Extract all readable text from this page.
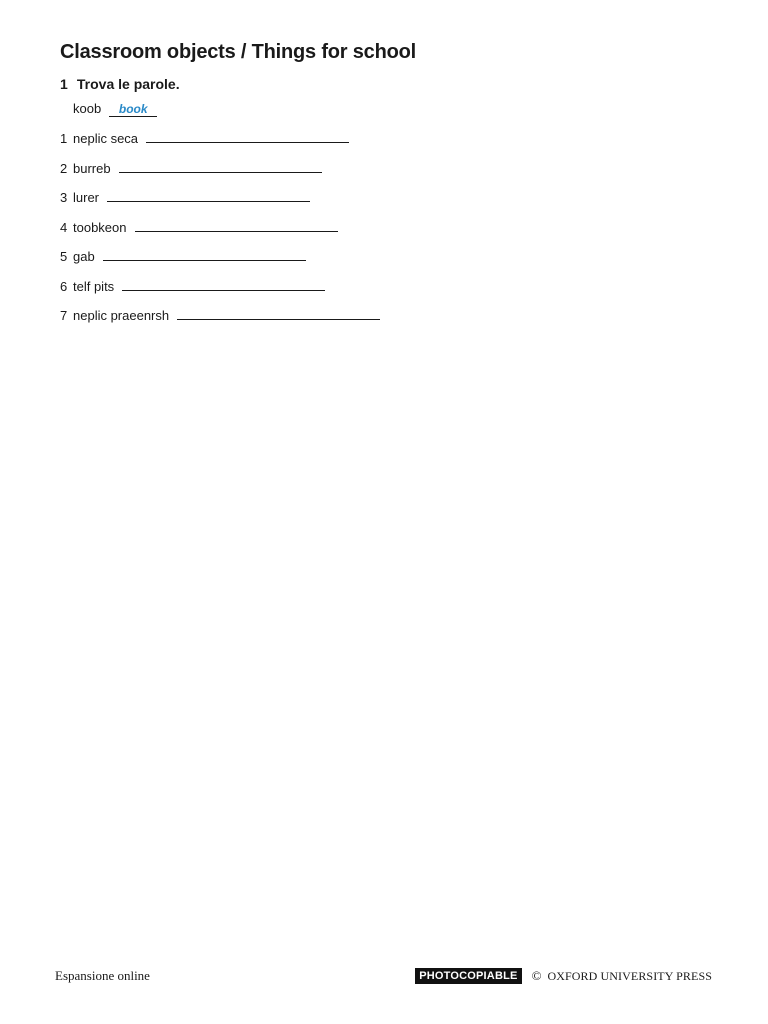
Classroom objects / Things for school
1 Trova le parole.
koob	book
1 neplic seca
2 burreb
3 lurer
4 toobkeon
5 gab
6 telf pits
7 neplic praeenrsh
Espansione online	PHOTOCOPIABLE	© OXFORD UNIVERSITY PRESS
